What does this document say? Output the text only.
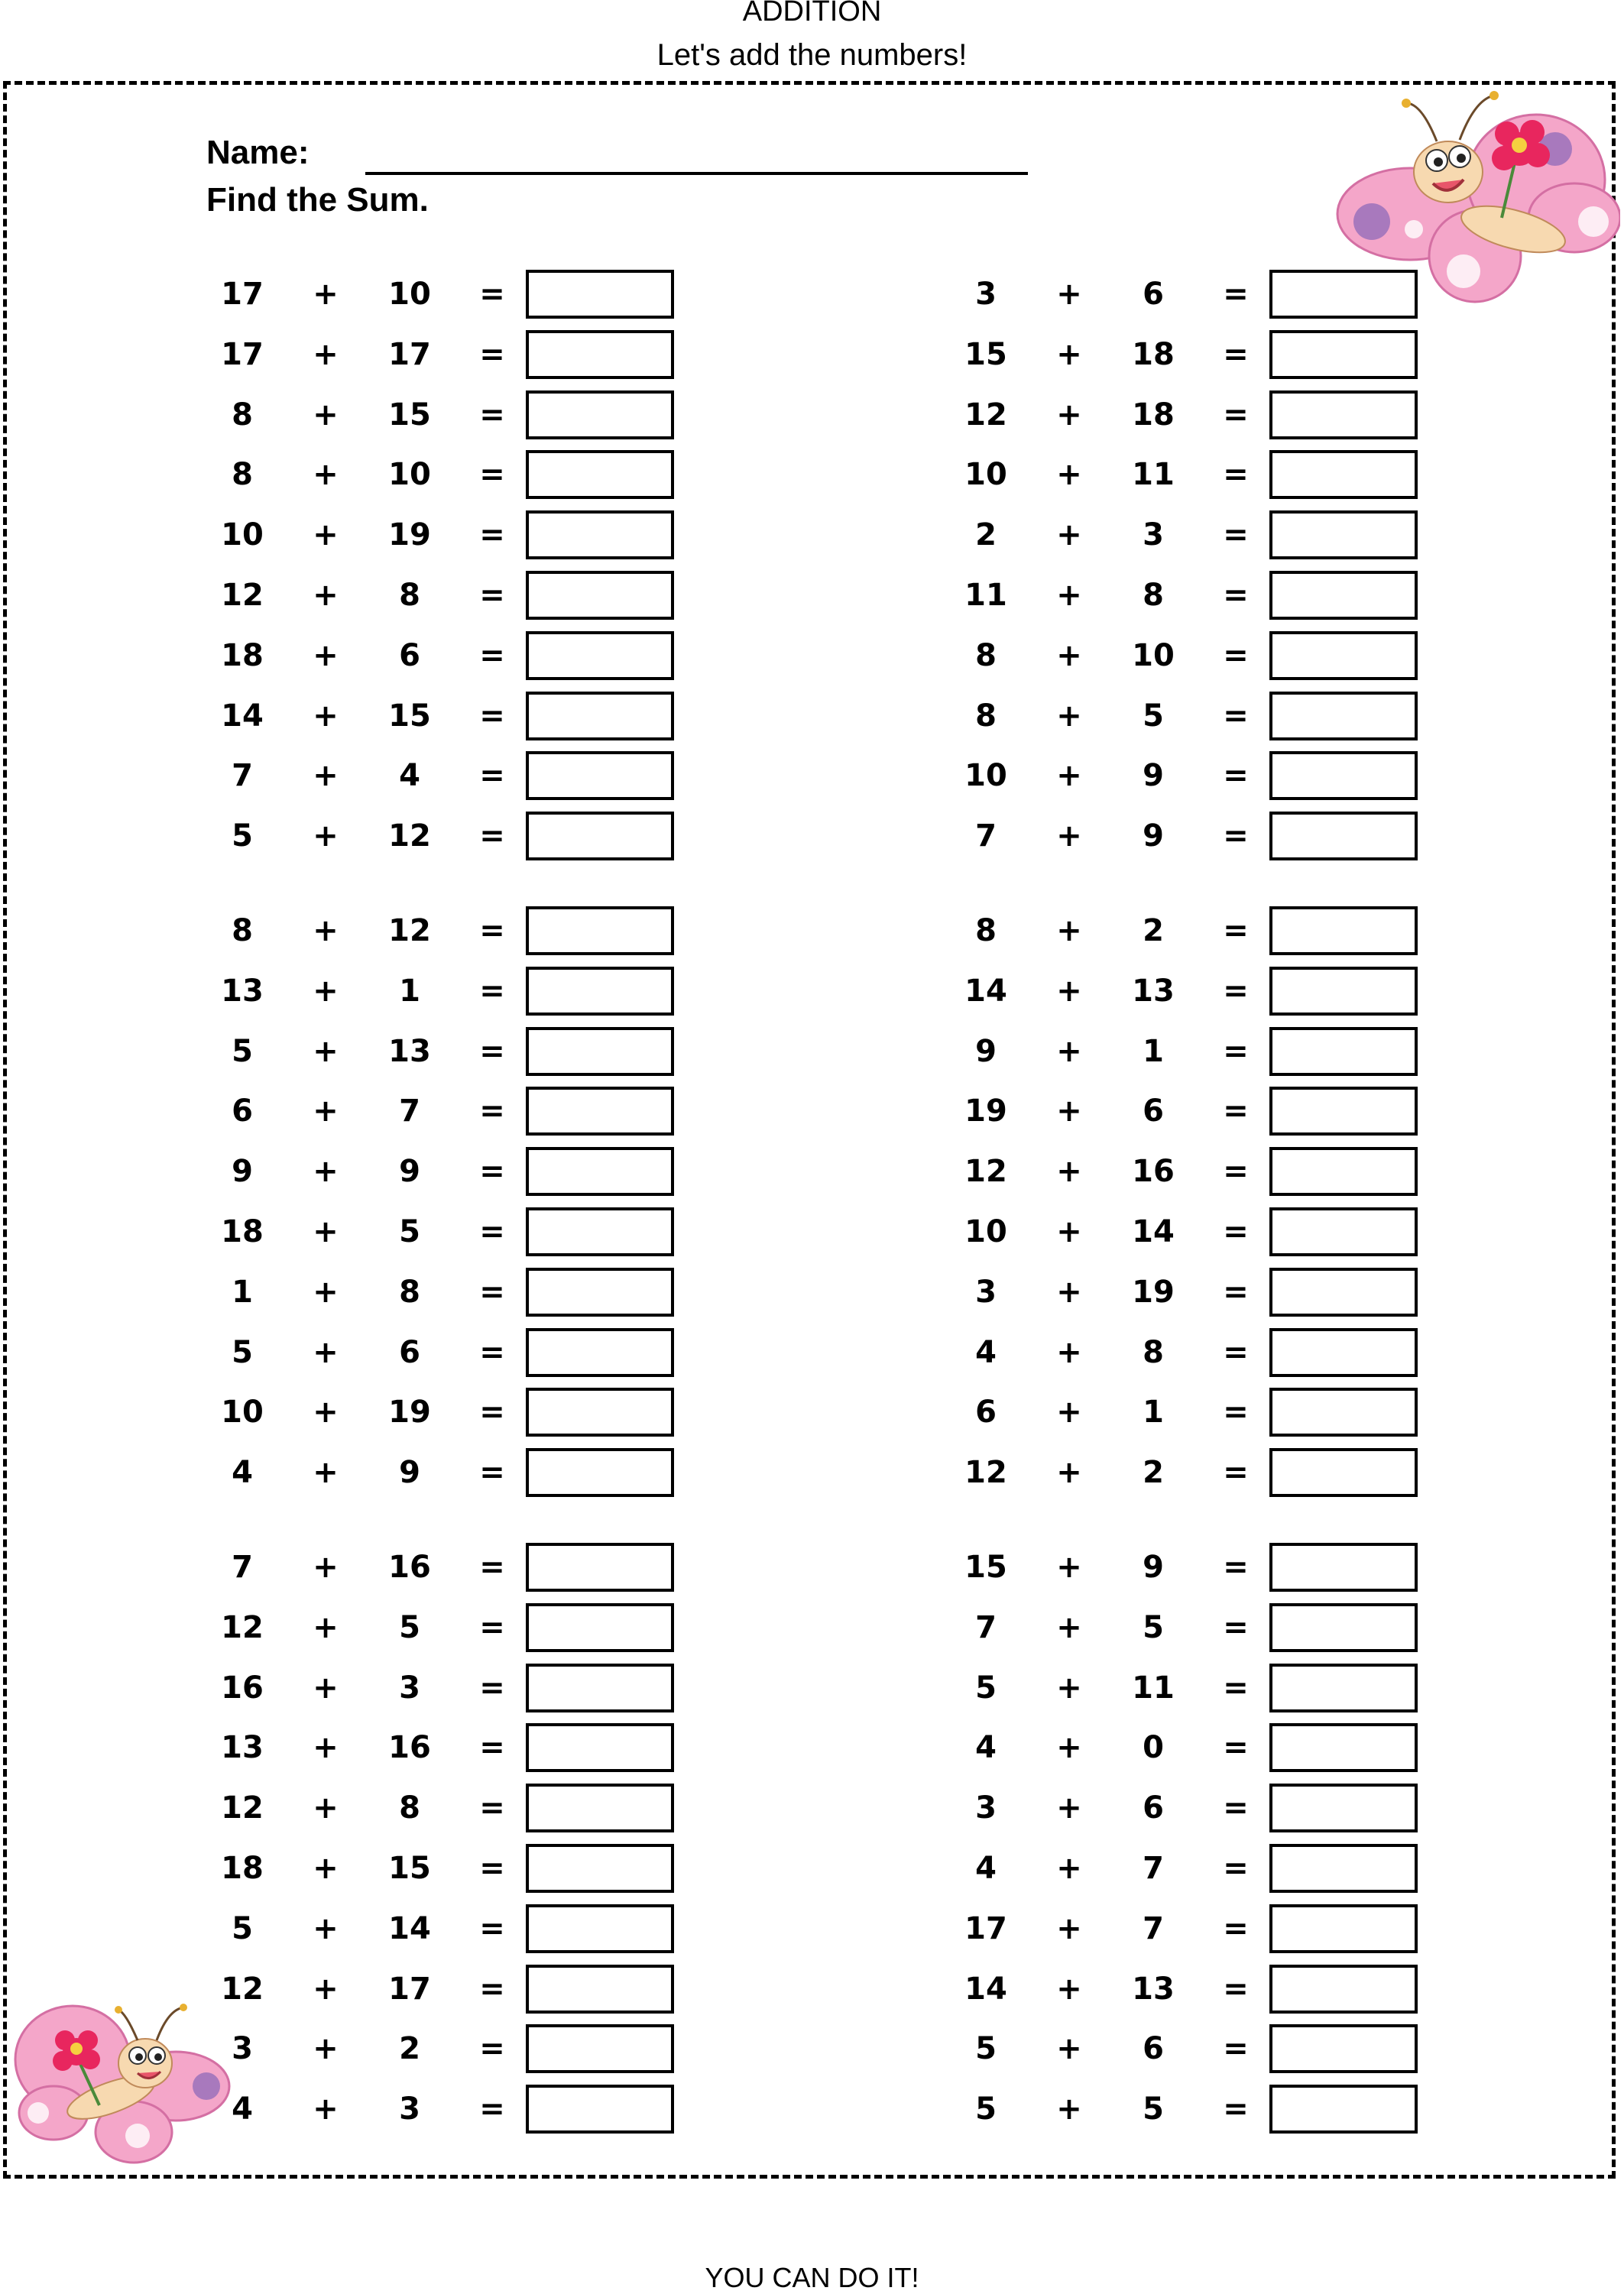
ADDITION
Let's add the numbers!
Name:
Find the Sum.
17	+	10	=
17	+	17	=
8	+	15	=
8	+	10	=
10	+	19	=
12	+	8	=
18	+	6	=
14	+	15	=
7	+	4	=
5	+	12	=
8	+	12	=
13	+	1	=
5	+	13	=
6	+	7	=
9	+	9	=
18	+	5	=
1	+	8	=
5	+	6	=
10	+	19	=
4	+	9	=
7	+	16	=
12	+	5	=
16	+	3	=
13	+	16	=
12	+	8	=
18	+	15	=
5	+	14	=
12	+	17	=
3	+	2	=
4	+	3	=
3	+	6	=
15	+	18	=
12	+	18	=
10	+	11	=
2	+	3	=
11	+	8	=
8	+	10	=
8	+	5	=
10	+	9	=
7	+	9	=
8	+	2	=
14	+	13	=
9	+	1	=
19	+	6	=
12	+	16	=
10	+	14	=
3	+	19	=
4	+	8	=
6	+	1	=
12	+	2	=
15	+	9	=
7	+	5	=
5	+	11	=
4	+	0	=
3	+	6	=
4	+	7	=
17	+	7	=
14	+	13	=
5	+	6	=
5	+	5	=
YOU CAN DO IT!
